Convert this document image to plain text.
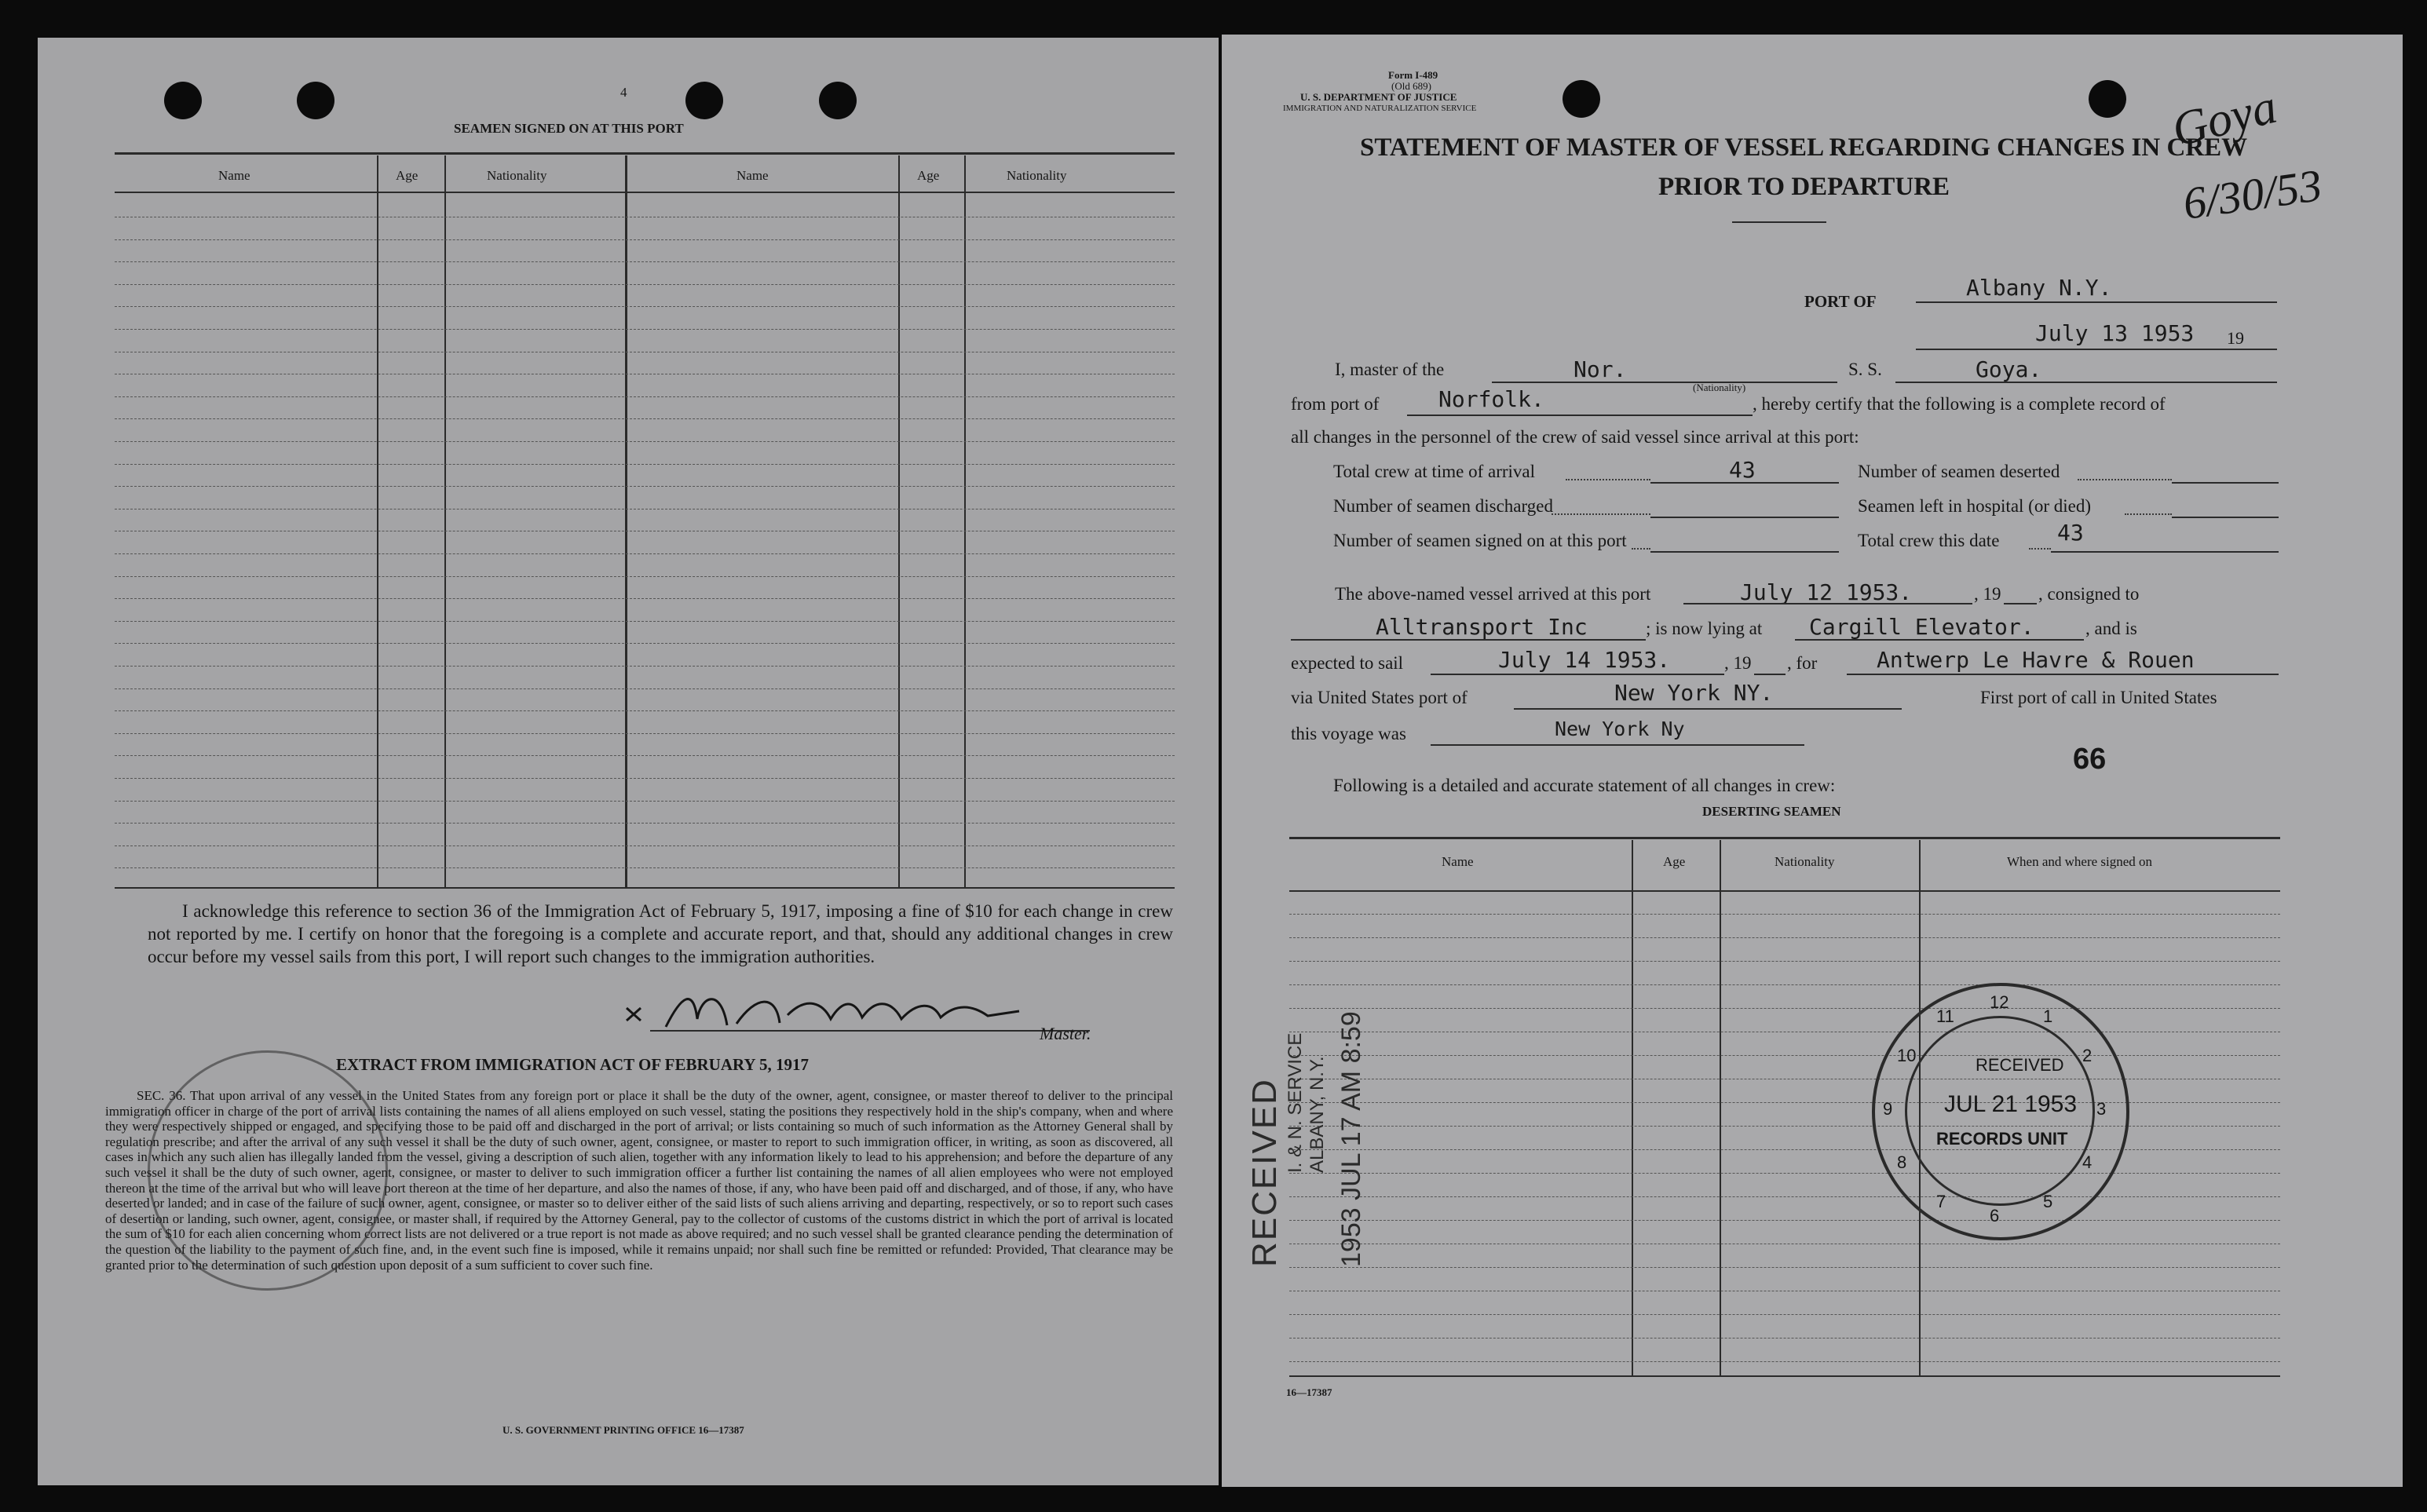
4
SEAMEN SIGNED ON AT THIS PORT
Name	Age	Nationality	Name	Age	Nationality
I acknowledge this reference to section 36 of the Immigration Act of February 5, 1917, imposing a fine of $10 for each change in crew not reported by me. I certify on honor that the foregoing is a complete and accurate report, and that, should any additional changes in crew occur before my vessel sails from this port, I will report such changes to the immigration authorities.
Master.
EXTRACT FROM IMMIGRATION ACT OF FEBRUARY 5, 1917
SEC. 36. That upon arrival of any vessel in the United States from any foreign port or place it shall be the duty of the owner, agent, consignee, or master thereof to deliver to the principal immigration officer in charge of the port of arrival lists containing the names of all aliens employed on such vessel, stating the positions they respectively hold in the ship's company, when and where they were respectively shipped or engaged, and specifying those to be paid off and discharged in the port of arrival; or lists containing so much of such information as the Attorney General shall by regulation prescribe; and after the arrival of any such vessel it shall be the duty of such owner, agent, consignee, or master to report to such immigration officer, in writing, as soon as discovered, all cases in which any such alien has illegally landed from the vessel, giving a description of such alien, together with any information likely to lead to his apprehension; and before the departure of any such vessel it shall be the duty of such owner, agent, consignee, or master to deliver to such immigration officer a further list containing the names of all alien employees who were not employed thereon at the time of the arrival but who will leave port thereon at the time of her departure, and also the names of those, if any, who have been paid off and discharged, and of those, if any, who have deserted or landed; and in case of the failure of such owner, agent, consignee, or master so to deliver either of the said lists of such aliens arriving and departing, respectively, or so to report such cases of desertion or landing, such owner, agent, consignee, or master shall, if required by the Attorney General, pay to the collector of customs of the customs district in which the port of arrival is located the sum of $10 for each alien concerning whom correct lists are not delivered or a true report is not made as above required; and no such vessel shall be granted clearance pending the determination of the question of the liability to the payment of such fine, and, in the event such fine is imposed, while it remains unpaid; nor shall such fine be remitted or refunded: Provided, That clearance may be granted prior to the determination of such question upon deposit of a sum sufficient to cover such fine.
U. S. GOVERNMENT PRINTING OFFICE 16—17387
Form I-489
(Old 689)
U. S. DEPARTMENT OF JUSTICE
IMMIGRATION AND NATURALIZATION SERVICE
STATEMENT OF MASTER OF VESSEL REGARDING CHANGES IN CREW
PRIOR TO DEPARTURE
Goya
6/30/53
PORT OF
Albany N.Y.
July 13 1953 19
I, master of the	Nor.
(Nationality)
S. S.	Goya.
from port of	Norfolk.	, hereby certify that the following is a complete record of
all changes in the personnel of the crew of said vessel since arrival at this port:
Total crew at time of arrival	43	Number of seamen deserted
Number of seamen discharged	Seamen left in hospital (or died)
Number of seamen signed on at this port	Total crew this date	43
The above-named vessel arrived at this port	July 12 1953.	, 19 , consigned to
Alltransport Inc	; is now lying at Cargill Elevator.	, and is
expected to sail	July 14 1953.	, 19 , for	Antwerp Le Havre & Rouen
via United States port of	New York NY.	First port of call in United States
this voyage was	New York Ny
66
Following is a detailed and accurate statement of all changes in crew:
DESERTING SEAMEN
Name	Age	Nationality	When and where signed on
16—17387
RECEIVED I. & N. SERVICE ALBANY, N.Y. 1953 JUL 17 AM 8:59	1
2
3
4
5
6
7
8
9
10
11
12
RECEIVED
JUL 21 1953
RECORDS UNIT
